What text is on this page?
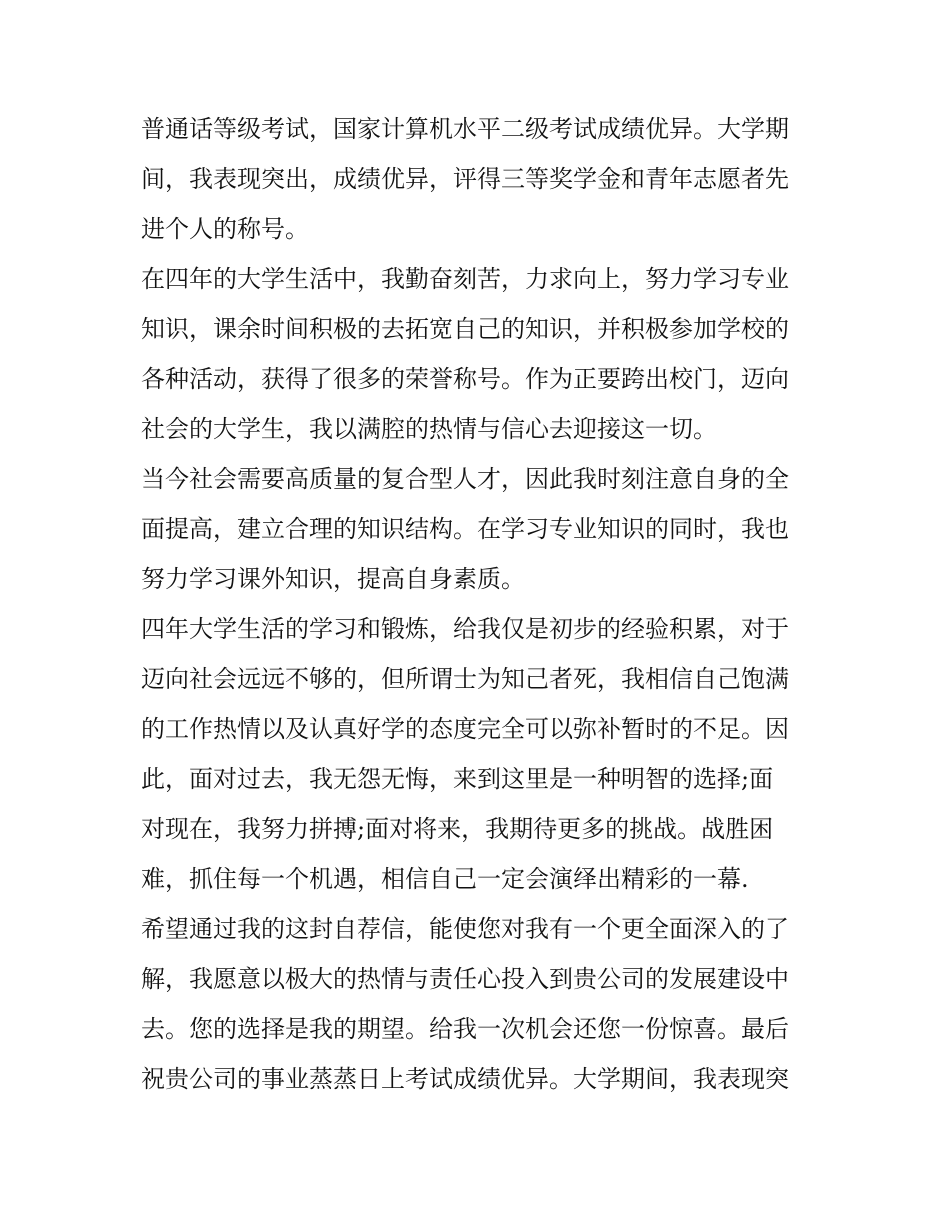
普通话等级考试，国家计算机水平二级考试成绩优异。大学期
间，我表现突出，成绩优异，评得三等奖学金和青年志愿者先
进个人的称号。
在四年的大学生活中，我勤奋刻苦，力求向上，努力学习专业
知识，课余时间积极的去拓宽自己的知识，并积极参加学校的
各种活动，获得了很多的荣誉称号。作为正要跨出校门，迈向
社会的大学生，我以满腔的热情与信心去迎接这一切。
当今社会需要高质量的复合型人才，因此我时刻注意自身的全
面提高，建立合理的知识结构。在学习专业知识的同时，我也
努力学习课外知识，提高自身素质。
四年大学生活的学习和锻炼，给我仅是初步的经验积累，对于
迈向社会远远不够的，但所谓士为知己者死，我相信自己饱满
的工作热情以及认真好学的态度完全可以弥补暂时的不足。因
此，面对过去，我无怨无悔，来到这里是一种明智的选择;面
对现在，我努力拼搏;面对将来，我期待更多的挑战。战胜困
难，抓住每一个机遇，相信自己一定会演绎出精彩的一幕.
希望通过我的这封自荐信，能使您对我有一个更全面深入的了
解，我愿意以极大的热情与责任心投入到贵公司的发展建设中
去。您的选择是我的期望。给我一次机会还您一份惊喜。最后
祝贵公司的事业蒸蒸日上考试成绩优异。大学期间，我表现突
